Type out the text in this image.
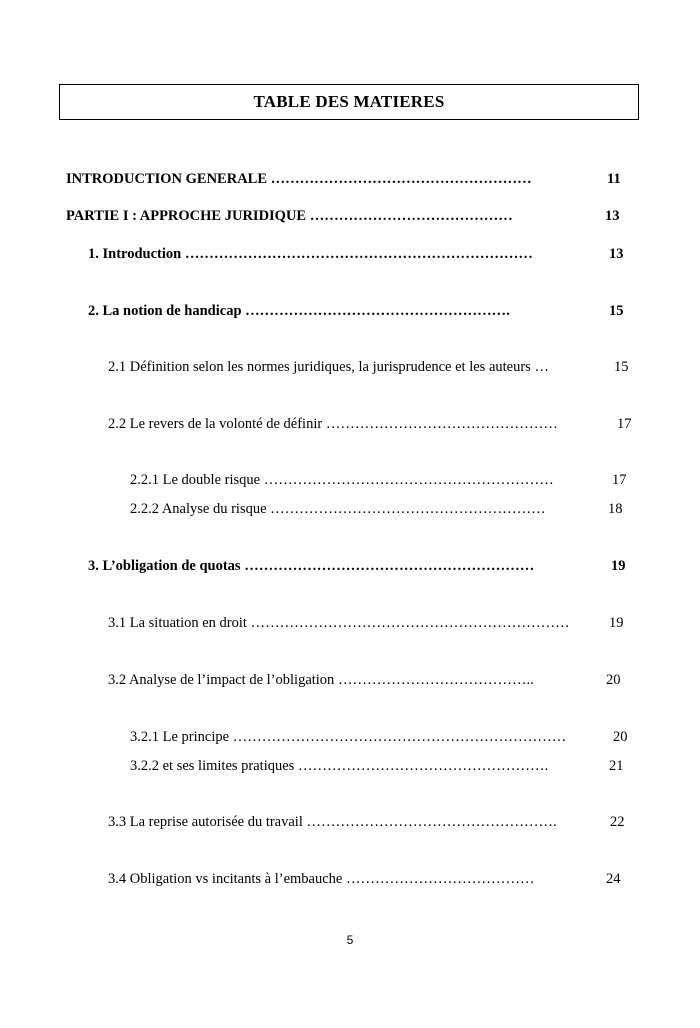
TABLE DES MATIERES
INTRODUCTION GENERALE ………………………………………………	11
PARTIE I : APPROCHE JURIDIQUE ……………………………………	13
1. Introduction ………………………………………………………………	13
2. La notion de handicap ……………………………………………….	15
2.1 Définition selon les normes juridiques, la jurisprudence et les auteurs …	15
2.2 Le revers de la volonté de définir …………………………………………	17
2.2.1 Le double risque ……………………………………………………	17
2.2.2 Analyse du risque …………………………………………………	18
3. L’obligation de quotas ……………………………………………………	19
3.1 La situation en droit …………………………………………………………	19
3.2 Analyse de l’impact de l’obligation …………………………………..	20
3.2.1 Le principe ……………………………………………………………	20
3.2.2 et ses limites pratiques …………………………………………….	21
3.3 La reprise autorisée du travail …………………………………………….	22
3.4 Obligation vs incitants à l’embauche …………………………………	24
5
